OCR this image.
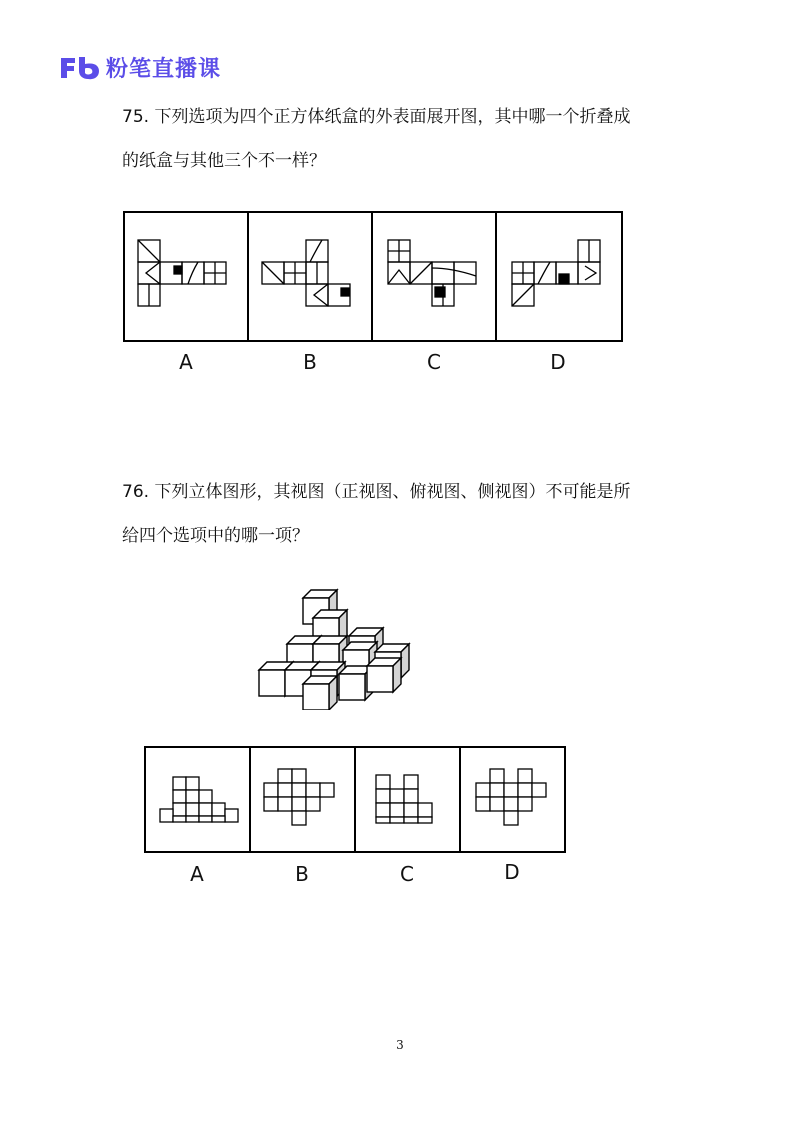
粉笔直播课
75. 下列选项为四个正方体纸盒的外表面展开图，其中哪一个折叠成
的纸盒与其他三个不一样？
A	B	C	D
76. 下列立体图形，其视图（正视图、俯视图、侧视图）不可能是所
给四个选项中的哪一项？
A	B	C	D
3
